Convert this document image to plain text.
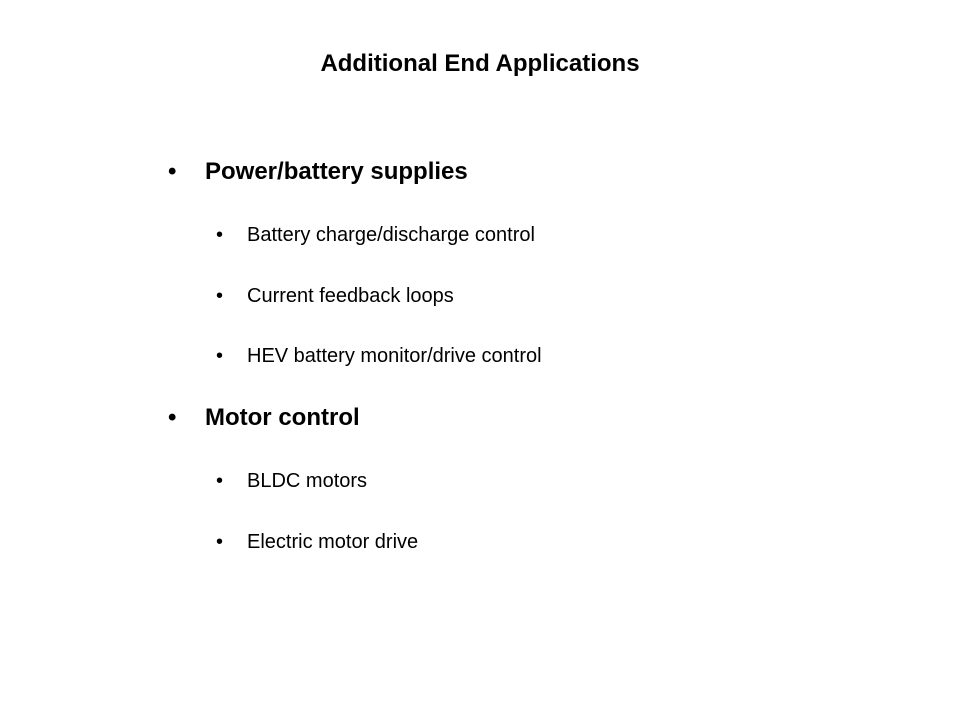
Additional End Applications
• Power/battery supplies
• Battery charge/discharge control
• Current feedback loops
• HEV battery monitor/drive control
• Motor control
• BLDC motors
• Electric motor drive
